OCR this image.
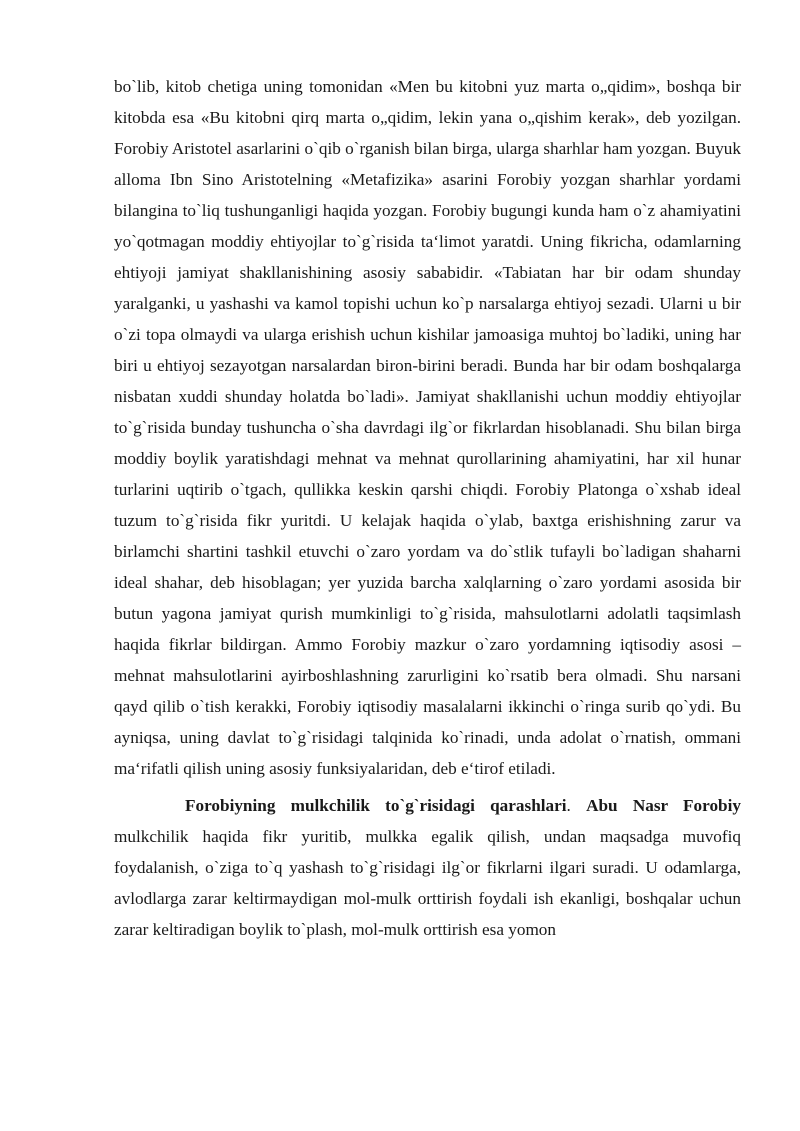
bo`lib, kitob chetiga uning tomonidan «Men bu kitobni yuz marta o„qidim», boshqa bir kitobda esa «Bu kitobni qirq marta o„qidim, lekin yana o„qishim kerak», deb yozilgan. Forobiy Aristotel asarlarini o`qib o`rganish bilan birga, ularga sharhlar ham yozgan. Buyuk alloma Ibn Sino Aristotelning «Metafizika» asarini Forobiy yozgan sharhlar yordami bilangina to`liq tushunganligi haqida yozgan. Forobiy bugungi kunda ham o`z ahamiyatini yo`qotmagan moddiy ehtiyojlar to`g`risida ta‘limot yaratdi. Uning fikricha, odamlarning ehtiyoji jamiyat shakllanishining asosiy sababidir. «Tabiatan har bir odam shunday yaralganki, u yashashi va kamol topishi uchun ko`p narsalarga ehtiyoj sezadi. Ularni u bir o`zi topa olmaydi va ularga erishish uchun kishilar jamoasiga muhtoj bo`ladiki, uning har biri u ehtiyoj sezayotgan narsalardan biron-birini beradi. Bunda har bir odam boshqalarga nisbatan xuddi shunday holatda bo`ladi». Jamiyat shakllanishi uchun moddiy ehtiyojlar to`g`risida bunday tushuncha o`sha davrdagi ilg`or fikrlardan hisoblanadi. Shu bilan birga moddiy boylik yaratishdagi mehnat va mehnat qurollarining ahamiyatini, har xil hunar turlarini uqtirib o`tgach, qullikka keskin qarshi chiqdi. Forobiy Platonga o`xshab ideal tuzum to`g`risida fikr yuritdi. U kelajak haqida o`ylab, baxtga erishishning zarur va birlamchi shartini tashkil etuvchi o`zaro yordam va do`stlik tufayli bo`ladigan shaharni ideal shahar, deb hisoblagan; yer yuzida barcha xalqlarning o`zaro yordami asosida bir butun yagona jamiyat qurish mumkinligi to`g`risida, mahsulotlarni adolatli taqsimlash haqida fikrlar bildirgan. Ammo Forobiy mazkur o`zaro yordamning iqtisodiy asosi – mehnat mahsulotlarini ayirboshlashning zarurligini ko`rsatib bera olmadi. Shu narsani qayd qilib o`tish kerakki, Forobiy iqtisodiy masalalarni ikkinchi o`ringa surib qo`ydi. Bu ayniqsa, uning davlat to`g`risidagi talqinida ko`rinadi, unda adolat o`rnatish, ommani ma‘rifatli qilish uning asosiy funksiyalaridan, deb e‘tirof etiladi.

Forobiyning mulkchilik to`g`risidagi qarashlari. Abu Nasr Forobiy mulkchilik haqida fikr yuritib, mulkka egalik qilish, undan maqsadga muvofiq foydalanish, o`ziga to`q yashash to`g`risidagi ilg`or fikrlarni ilgari suradi. U odamlarga, avlodlarga zarar keltirmaydigan mol-mulk orttirish foydali ish ekanligi, boshqalar uchun zarar keltiradigan boylik to`plash, mol-mulk orttirish esa yomon
